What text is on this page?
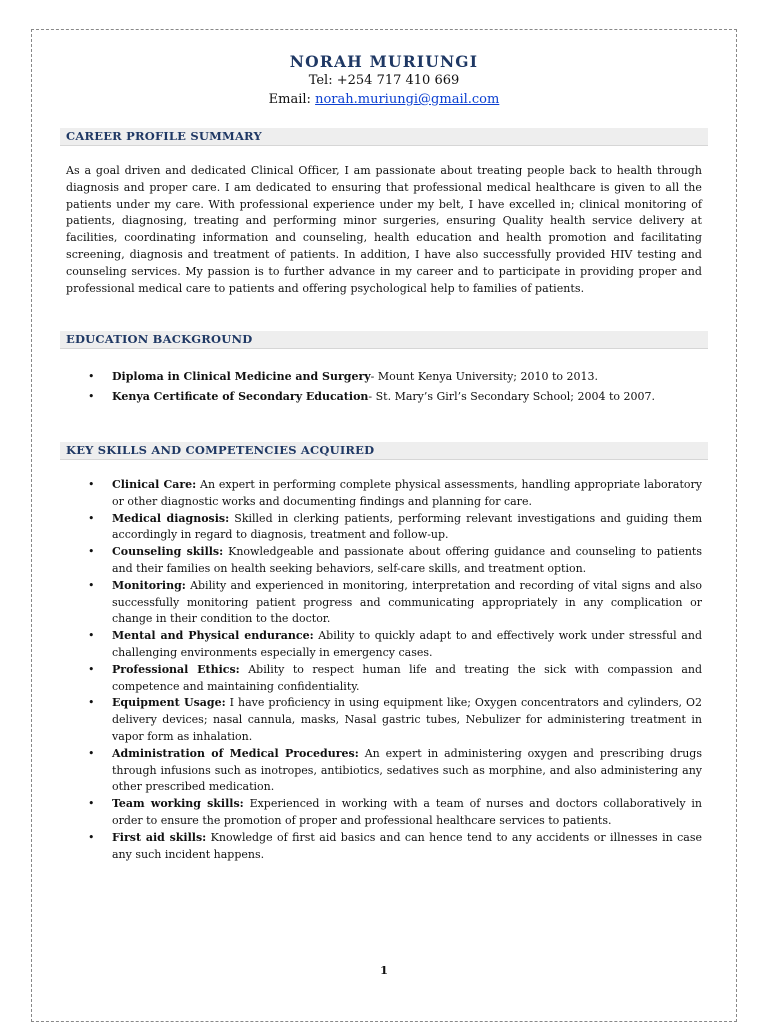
NORAH MURIUNGI
Tel: +254 717 410 669
Email: norah.muriungi@gmail.com
CAREER PROFILE SUMMARY
As a goal driven and dedicated Clinical Officer, I am passionate about treating people back to health through diagnosis and proper care. I am dedicated to ensuring that professional medical healthcare is given to all the patients under my care. With professional experience under my belt, I have excelled in; clinical monitoring of patients, diagnosing, treating and performing minor surgeries, ensuring Quality health service delivery at facilities, coordinating information and counseling, health education and health promotion and facilitating screening, diagnosis and treatment of patients. In addition, I have also successfully provided HIV testing and counseling services. My passion is to further advance in my career and to participate in providing proper and professional medical care to patients and offering psychological help to families of patients.
EDUCATION BACKGROUND
• Diploma in Clinical Medicine and Surgery- Mount Kenya University; 2010 to 2013.
• Kenya Certificate of Secondary Education- St. Mary’s Girl’s Secondary School; 2004 to 2007.
KEY SKILLS AND COMPETENCIES ACQUIRED
• Clinical Care: An expert in performing complete physical assessments, handling appropriate laboratory or other diagnostic works and documenting findings and planning for care.
• Medical diagnosis: Skilled in clerking patients, performing relevant investigations and guiding them accordingly in regard to diagnosis, treatment and follow-up.
• Counseling skills: Knowledgeable and passionate about offering guidance and counseling to patients and their families on health seeking behaviors, self-care skills, and treatment option.
• Monitoring: Ability and experienced in monitoring, interpretation and recording of vital signs and also successfully monitoring patient progress and communicating appropriately in any complication or change in their condition to the doctor.
• Mental and Physical endurance: Ability to quickly adapt to and effectively work under stressful and challenging environments especially in emergency cases.
• Professional Ethics: Ability to respect human life and treating the sick with compassion and competence and maintaining confidentiality.
• Equipment Usage: I have proficiency in using equipment like; Oxygen concentrators and cylinders, O2 delivery devices; nasal cannula, masks, Nasal gastric tubes, Nebulizer for administering treatment in vapor form as inhalation.
• Administration of Medical Procedures: An expert in administering oxygen and prescribing drugs through infusions such as inotropes, antibiotics, sedatives such as morphine, and also administering any other prescribed medication.
• Team working skills: Experienced in working with a team of nurses and doctors collaboratively in order to ensure the promotion of proper and professional healthcare services to patients.
• First aid skills: Knowledge of first aid basics and can hence tend to any accidents or illnesses in case any such incident happens.
1
